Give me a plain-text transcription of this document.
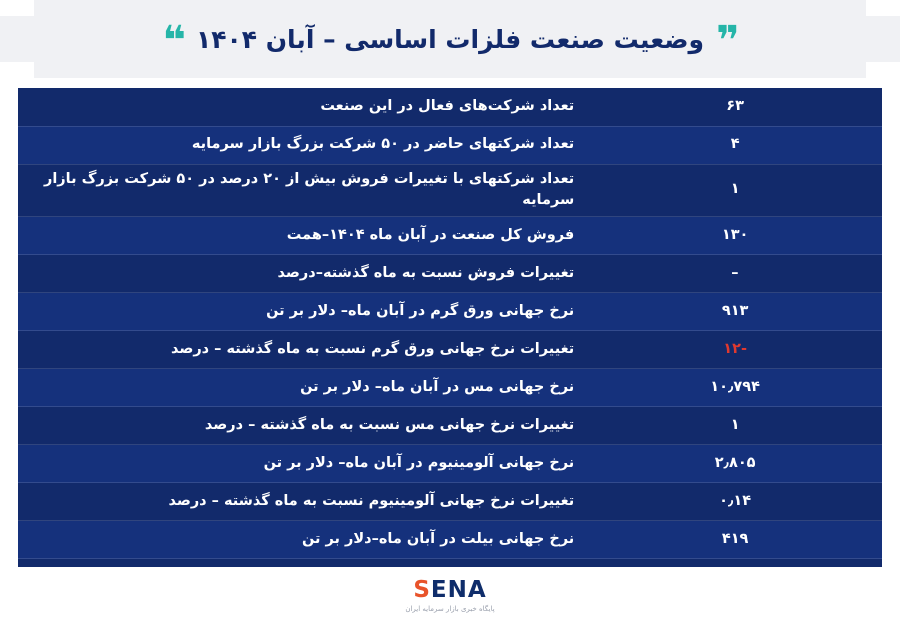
❞
وضعیت صنعت فلزات اساسی – آبان ۱۴۰۴
❝
۶۳	تعداد شرکت‌های فعال در این صنعت
۴	تعداد شرکتهای حاضر در ۵۰ شرکت بزرگ بازار سرمایه
۱	تعداد شرکتهای با تغییرات فروش بیش از ۲۰ درصد در ۵۰ شرکت بزرگ بازار سرمایه
۱۳۰	فروش کل صنعت در آبان ماه ۱۴۰۴–همت
–	تغییرات فروش نسبت به ماه گذشته–درصد
۹۱۳	نرخ جهانی ورق گرم در آبان ماه– دلار بر تن
-۱۲	تغییرات نرخ جهانی ورق گرم نسبت به ماه گذشته – درصد
۱۰٫۷۹۴	نرخ جهانی مس در آبان ماه– دلار بر تن
۱	تغییرات نرخ جهانی مس نسبت به ماه گذشته – درصد
۲٫۸۰۵	نرخ جهانی آلومینیوم در آبان ماه– دلار بر تن
۰٫۱۴	تغییرات نرخ جهانی آلومینیوم نسبت به ماه گذشته – درصد
۴۱۹	نرخ جهانی بیلت در آبان ماه–دلار بر تن

S ENA
پایگاه خبری بازار سرمایه ایران
